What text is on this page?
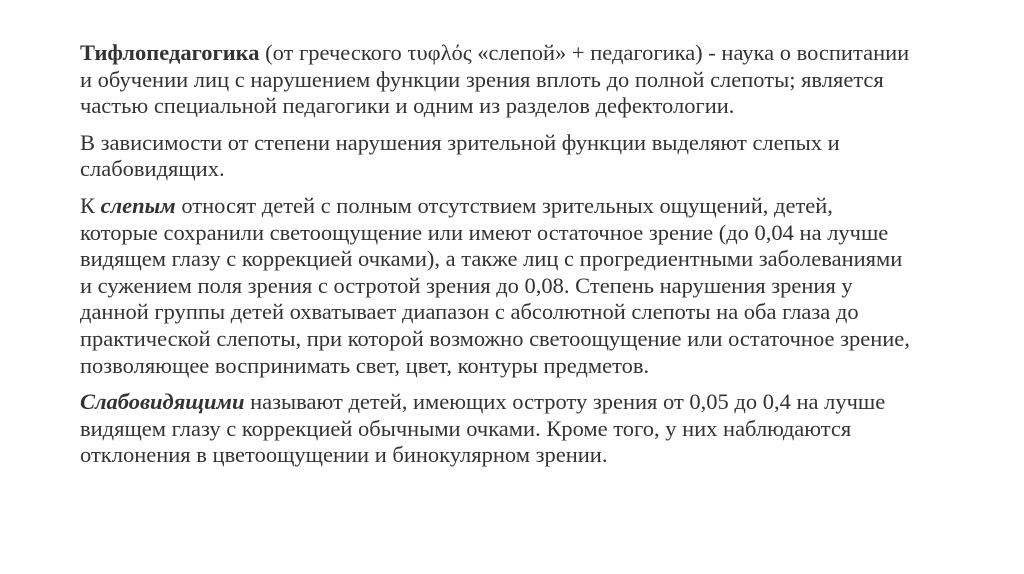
Тифлопедагогика (от греческого τυφλός «слепой» + педагогика) - наука о воспитании и обучении лиц с нарушением функции зрения вплоть до полной слепоты; является частью специальной педагогики и одним из разделов дефектологии.

В зависимости от степени нарушения зрительной функции выделяют слепых и слабовидящих.

К слепым относят детей с полным отсутствием зрительных ощущений, детей, которые сохранили светоощущение или имеют остаточное зрение (до 0,04 на лучше видящем глазу с коррекцией очками), а также лиц с прогредиентными заболеваниями и сужением поля зрения с остротой зрения до 0,08. Степень нарушения зрения у данной группы детей охватывает диапазон с абсолютной слепоты на оба глаза до практической слепоты, при которой возможно светоощущение или остаточное зрение, позволяющее воспринимать свет, цвет, контуры предметов.

Слабовидящими называют детей, имеющих остроту зрения от 0,05 до 0,4 на лучше видящем глазу с коррекцией обычными очками. Кроме того, у них наблюдаются отклонения в цветоощущении и бинокулярном зрении.
